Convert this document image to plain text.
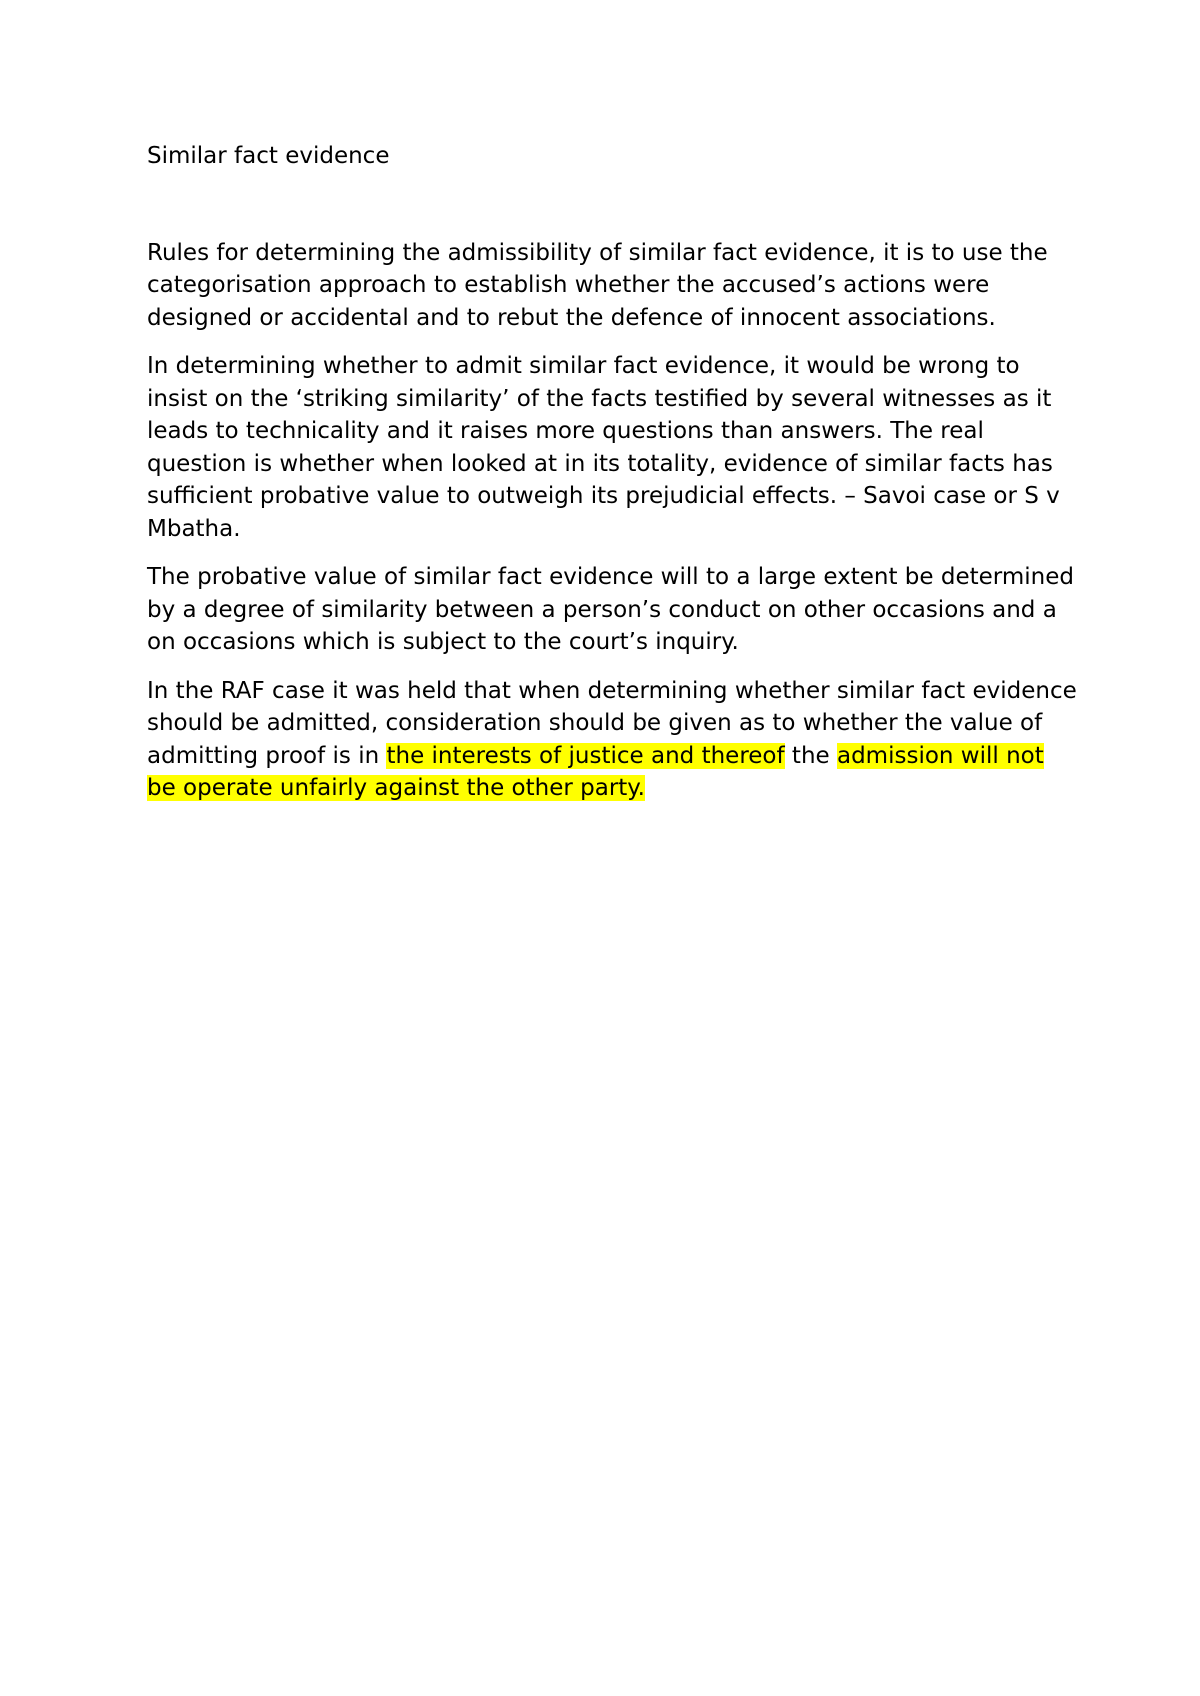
Similar fact evidence

Rules for determining the admissibility of similar fact evidence, it is to use the categorisation approach to establish whether the accused’s actions were designed or accidental and to rebut the defence of innocent associations.

In determining whether to admit similar fact evidence, it would be wrong to insist on the ‘striking similarity’ of the facts testified by several witnesses as it leads to technicality and it raises more questions than answers. The real question is whether when looked at in its totality, evidence of similar facts has sufficient probative value to outweigh its prejudicial effects. – Savoi case or S v Mbatha.

The probative value of similar fact evidence will to a large extent be determined by a degree of similarity between a person’s conduct on other occasions and a on occasions which is subject to the court’s inquiry.

In the RAF case it was held that when determining whether similar fact evidence should be admitted, consideration should be given as to whether the value of admitting proof is in the interests of justice and thereof the admission will not be operate unfairly against the other party.
